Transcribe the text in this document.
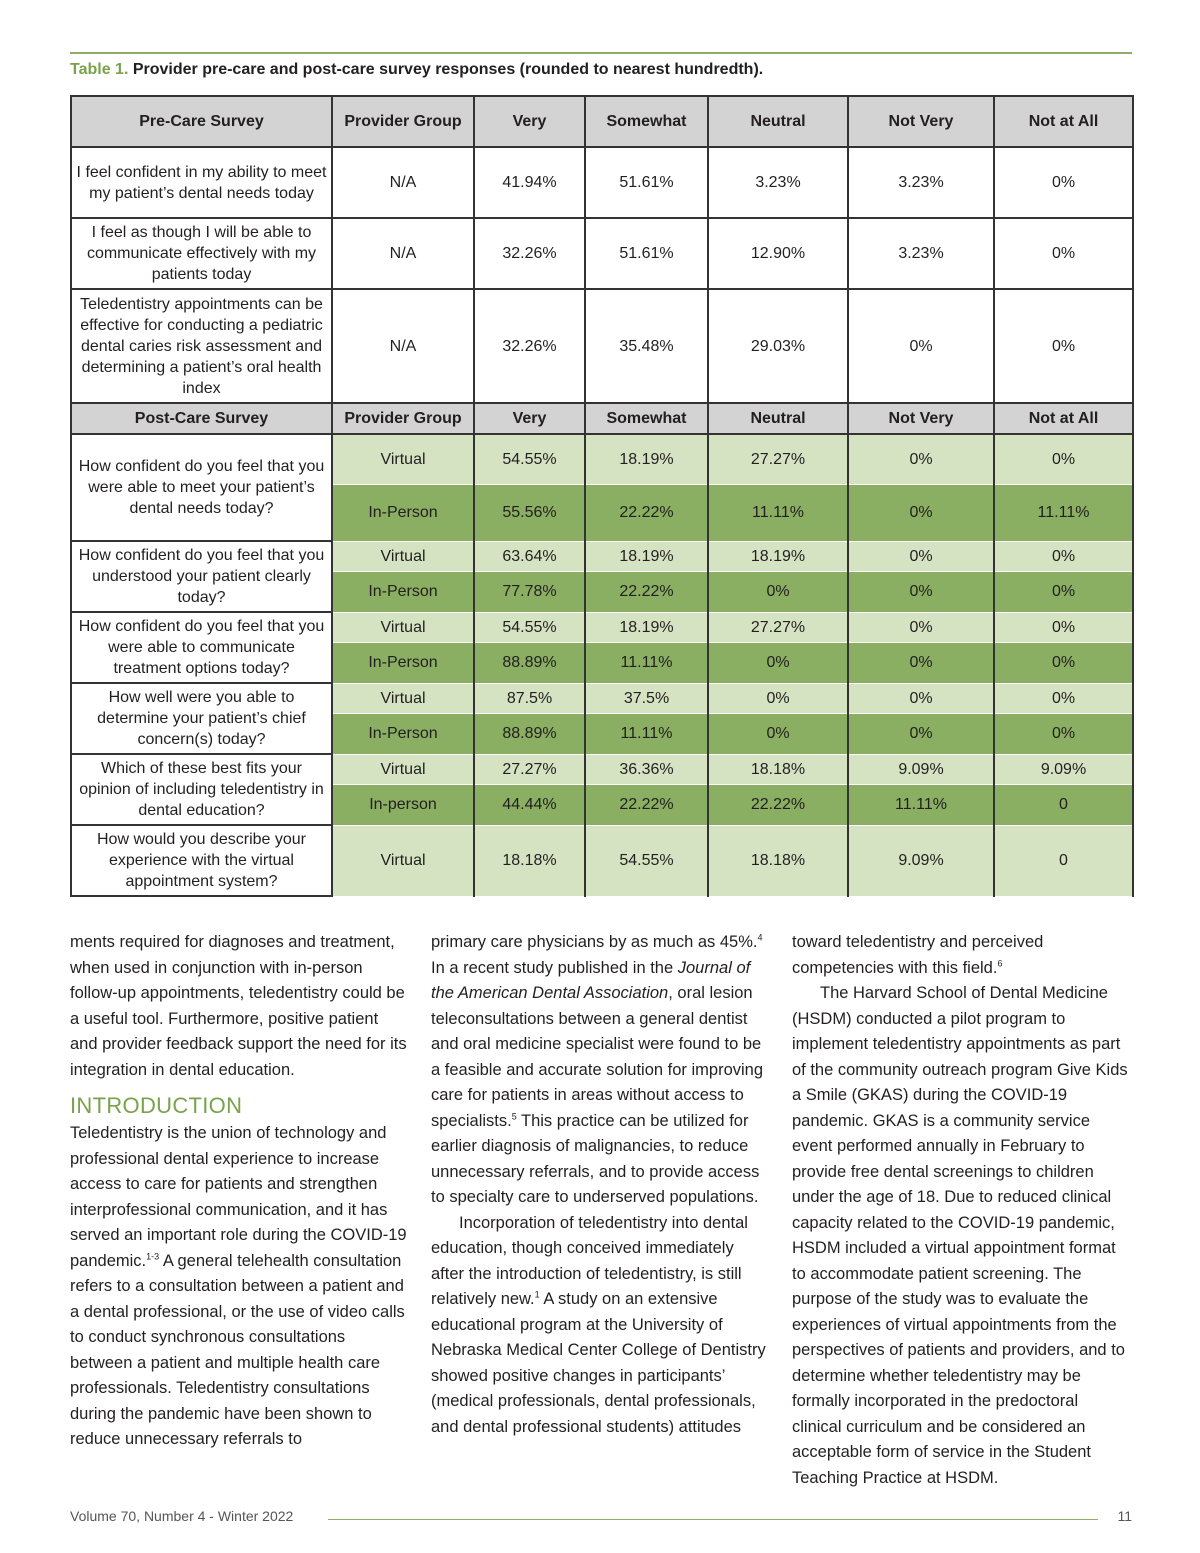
Table 1. Provider pre-care and post-care survey responses (rounded to nearest hundredth).
Pre-Care Survey	Provider Group	Very	Somewhat	Neutral	Not Very	Not at All
I feel confident in my ability to meet my patient’s dental needs today	N/A	41.94%	51.61%	3.23%	3.23%	0%
I feel as though I will be able to communicate effectively with my patients today	N/A	32.26%	51.61%	12.90%	3.23%	0%
Teledentistry appointments can be effective for conducting a pediatric dental caries risk assessment and determining a patient’s oral health index	N/A	32.26%	35.48%	29.03%	0%	0%
Post-Care Survey	Provider Group	Very	Somewhat	Neutral	Not Very	Not at All
How confident do you feel that you were able to meet your patient’s dental needs today?	Virtual	54.55%	18.19%	27.27%	0%	0%
	In-Person	55.56%	22.22%	11.11%	0%	11.11%
How confident do you feel that you understood your patient clearly today?	Virtual	63.64%	18.19%	18.19%	0%	0%
	In-Person	77.78%	22.22%	0%	0%	0%
How confident do you feel that you were able to communicate treatment options today?	Virtual	54.55%	18.19%	27.27%	0%	0%
	In-Person	88.89%	11.11%	0%	0%	0%
How well were you able to determine your patient’s chief concern(s) today?	Virtual	87.5%	37.5%	0%	0%	0%
	In-Person	88.89%	11.11%	0%	0%	0%
Which of these best fits your opinion of including teledentistry in dental education?	Virtual	27.27%	36.36%	18.18%	9.09%	9.09%
	In-person	44.44%	22.22%	22.22%	11.11%	0
How would you describe your experience with the virtual appointment system?	Virtual	18.18%	54.55%	18.18%	9.09%	0

ments required for diagnoses and treatment, when used in conjunction with in-person follow-up appointments, teledentistry could be a useful tool. Furthermore, positive patient and provider feedback support the need for its integration in dental education.

INTRODUCTION

Teledentistry is the union of technology and professional dental experience to increase access to care for patients and strengthen interprofessional communication, and it has served an important role during the COVID-19 pandemic.$^{1-3}$ A general telehealth consultation refers to a consultation between a patient and a dental professional, or the use of video calls to conduct synchronous consultations between a patient and multiple health care professionals. Teledentistry consultations during the pandemic have been shown to reduce unnecessary referrals to

primary care physicians by as much as 45%.$^4$ In a recent study published in the Journal of the American Dental Association, oral lesion teleconsultations between a general dentist and oral medicine specialist were found to be a feasible and accurate solution for improving care for patients in areas without access to specialists.$^5$ This practice can be utilized for earlier diagnosis of malignancies, to reduce unnecessary referrals, and to provide access to specialty care to underserved populations.

Incorporation of teledentistry into dental education, though conceived immediately after the introduction of teledentistry, is still relatively new.$^1$ A study on an extensive educational program at the University of Nebraska Medical Center College of Dentistry showed positive changes in participants’ (medical professionals, dental professionals, and dental professional students) attitudes

toward teledentistry and perceived competencies with this field.$^6$

The Harvard School of Dental Medicine (HSDM) conducted a pilot program to implement teledentistry appointments as part of the community outreach program Give Kids a Smile (GKAS) during the COVID-19 pandemic. GKAS is a community service event performed annually in February to provide free dental screenings to children under the age of 18. Due to reduced clinical capacity related to the COVID-19 pandemic, HSDM included a virtual appointment format to accommodate patient screening. The purpose of the study was to evaluate the experiences of virtual appointments from the perspectives of patients and providers, and to determine whether teledentistry may be formally incorporated in the predoctoral clinical curriculum and be considered an acceptable form of service in the Student Teaching Practice at HSDM.

Volume 70, Number 4 - Winter 2022	11
